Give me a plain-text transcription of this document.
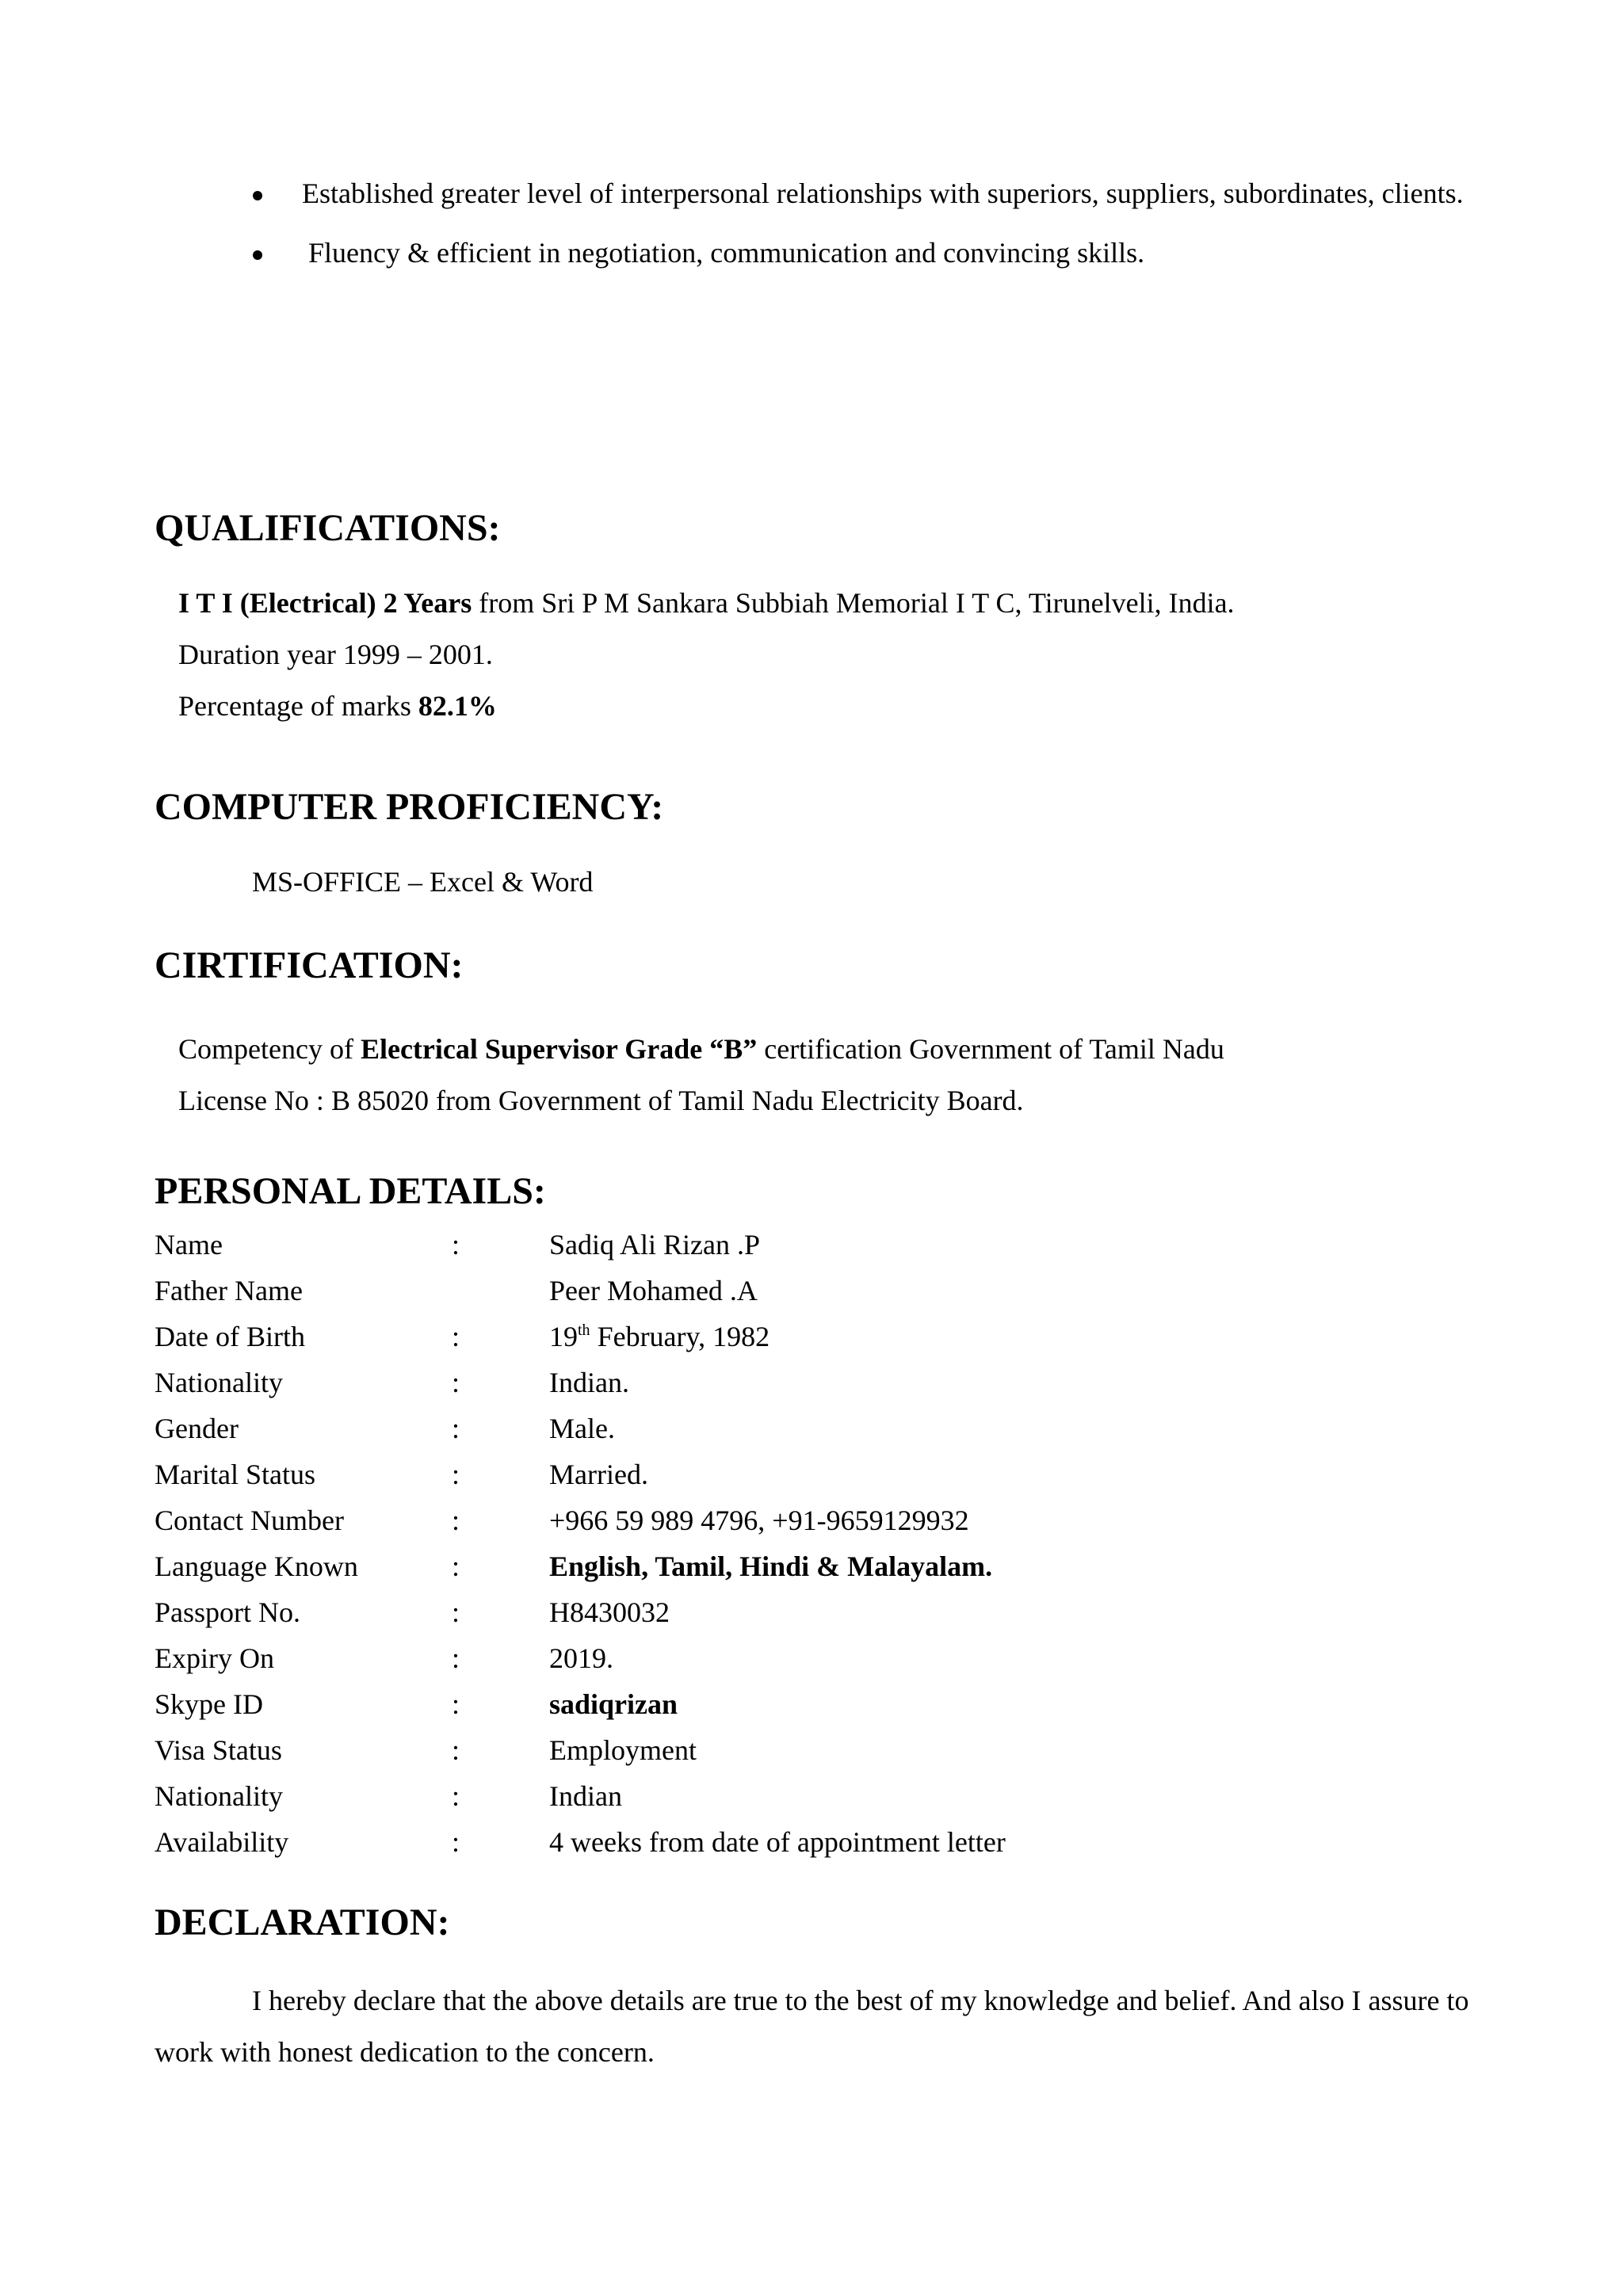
Established greater level of interpersonal relationships with superiors, suppliers, subordinates, clients.
Fluency & efficient in negotiation, communication and convincing skills.
QUALIFICATIONS:
I T I (Electrical) 2 Years from Sri P M Sankara Subbiah Memorial I T C, Tirunelveli, India.
Duration year 1999 – 2001.
Percentage of marks 82.1%
COMPUTER PROFICIENCY:
MS-OFFICE – Excel & Word
CIRTIFICATION:
Competency of Electrical Supervisor Grade “B” certification Government of Tamil Nadu
License No : B 85020 from Government of Tamil Nadu Electricity Board.
PERSONAL DETAILS:
Name	:	Sadiq Ali Rizan .P
Father Name	Peer Mohamed .A
Date of Birth	:	19th February, 1982
Nationality	:	Indian.
Gender	:	Male.
Marital Status	:	Married.
Contact Number	:	+966 59 989 4796, +91-9659129932
Language Known	:	English, Tamil, Hindi & Malayalam.
Passport No.	:	H8430032
Expiry On	:	2019.
Skype ID	:	sadiqrizan
Visa Status	:	Employment
Nationality	:	Indian
Availability	:	4 weeks from date of appointment letter
DECLARATION:
I hereby declare that the above details are true to the best of my knowledge and belief. And also I assure to
work with honest dedication to the concern.
